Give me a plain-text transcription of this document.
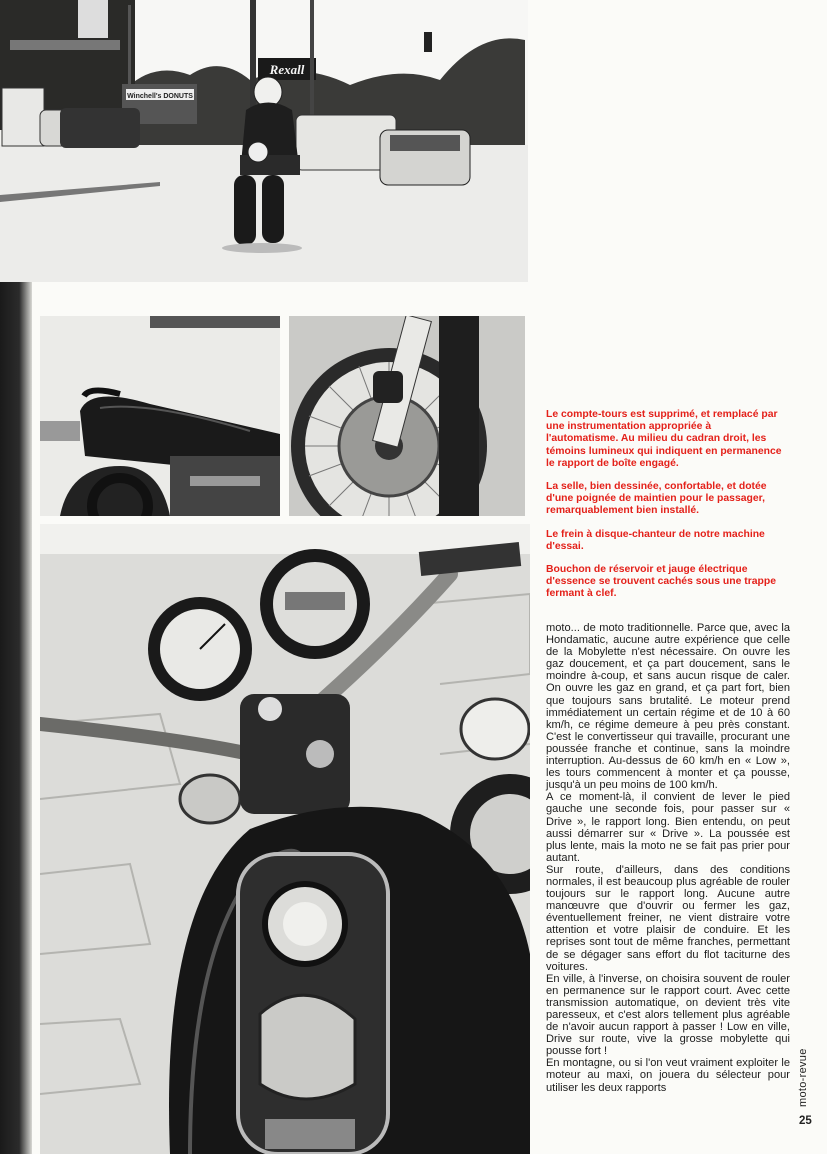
Winchell's DONUTS
Rexall

Le compte-tours est supprimé, et remplacé par une instrumentation appropriée à l'automatisme. Au milieu du cadran droit, les témoins lumineux qui indiquent en permanence le rapport de boîte engagé.

La selle, bien dessinée, confortable, et dotée d'une poignée de maintien pour le passager, remarquablement bien installé.

Le frein à disque-chanteur de notre machine d'essai.

Bouchon de réservoir et jauge électrique d'essence se trouvent cachés sous une trappe fermant à clef.

moto... de moto traditionnelle. Parce que, avec la Hondamatic, aucune autre expérience que celle de la Mobylette n'est nécessaire. On ouvre les gaz doucement, et ça part doucement, sans le moindre à-coup, et sans aucun risque de caler. On ouvre les gaz en grand, et ça part fort, bien que toujours sans brutalité. Le moteur prend immédiatement un certain régime et de 10 à 60 km/h, ce régime demeure à peu près constant. C'est le convertisseur qui travaille, procurant une poussée franche et continue, sans la moindre interruption. Au-dessus de 60 km/h en « Low », les tours commencent à monter et ça pousse, jusqu'à un peu moins de 100 km/h.

A ce moment-là, il convient de lever le pied gauche une seconde fois, pour passer sur « Drive », le rapport long. Bien entendu, on peut aussi démarrer sur « Drive ». La poussée est plus lente, mais la moto ne se fait pas prier pour autant.

Sur route, d'ailleurs, dans des conditions normales, il est beaucoup plus agréable de rouler toujours sur le rapport long. Aucune autre manœuvre que d'ouvrir ou fermer les gaz, éventuellement freiner, ne vient distraire votre attention et votre plaisir de conduire. Et les reprises sont tout de même franches, permettant de se dégager sans effort du flot taciturne des voitures.

En ville, à l'inverse, on choisira souvent de rouler en permanence sur le rapport court. Avec cette transmission automatique, on devient très vite paresseux, et c'est alors tellement plus agréable de n'avoir aucun rapport à passer ! Low en ville, Drive sur route, vive la grosse mobylette qui pousse fort !

En montagne, ou si l'on veut vraiment exploiter le moteur au maxi, on jouera du sélecteur pour utiliser les deux rapports	moto-revue
25
